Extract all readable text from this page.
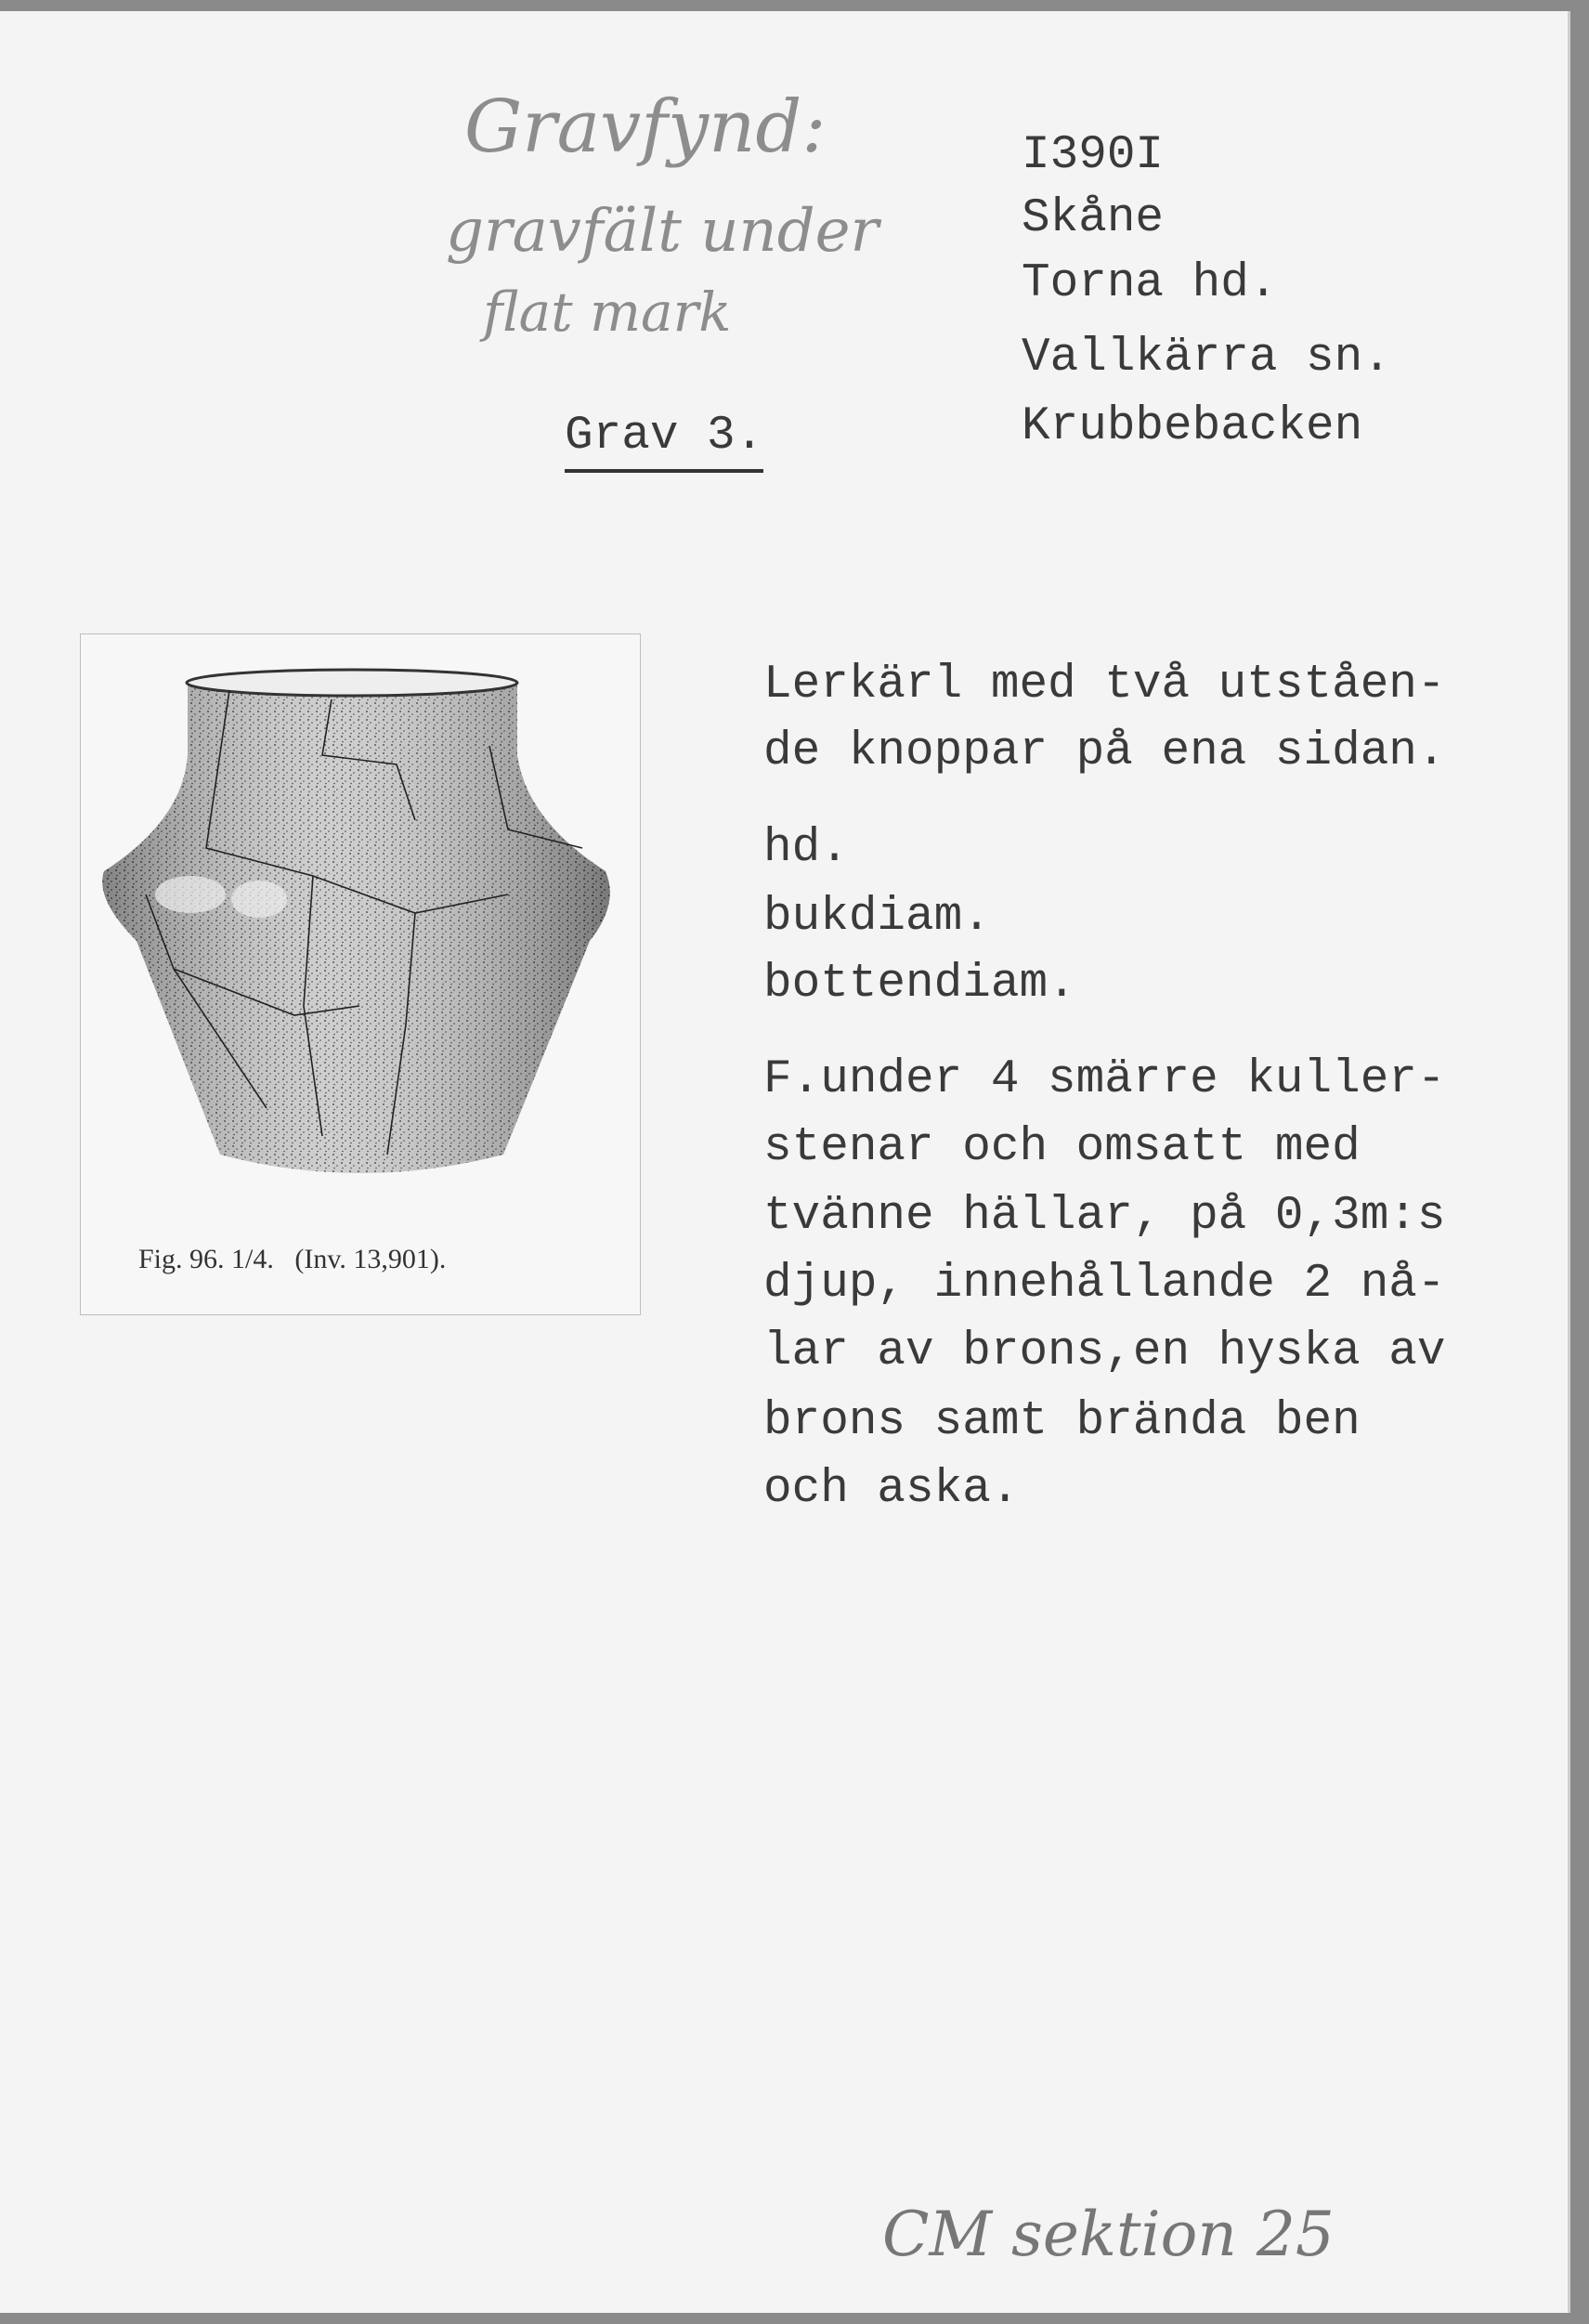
Gravfynd:
gravfält under
flat mark
Grav 3.
I390I
Skåne
Torna hd.
Vallkärra sn.
Krubbebacken
Fig. 96. 1/4.   (Inv. 13,901).
Lerkärl med två utståen-
de knoppar på ena sidan.
hd.
bukdiam.
bottendiam.
F.under 4 smärre kuller-
stenar och omsatt med
tvänne hällar, på 0,3m:s
djup, innehållande 2 nå-
lar av brons,en hyska av
brons samt brända ben
och aska.
CM sektion 25
